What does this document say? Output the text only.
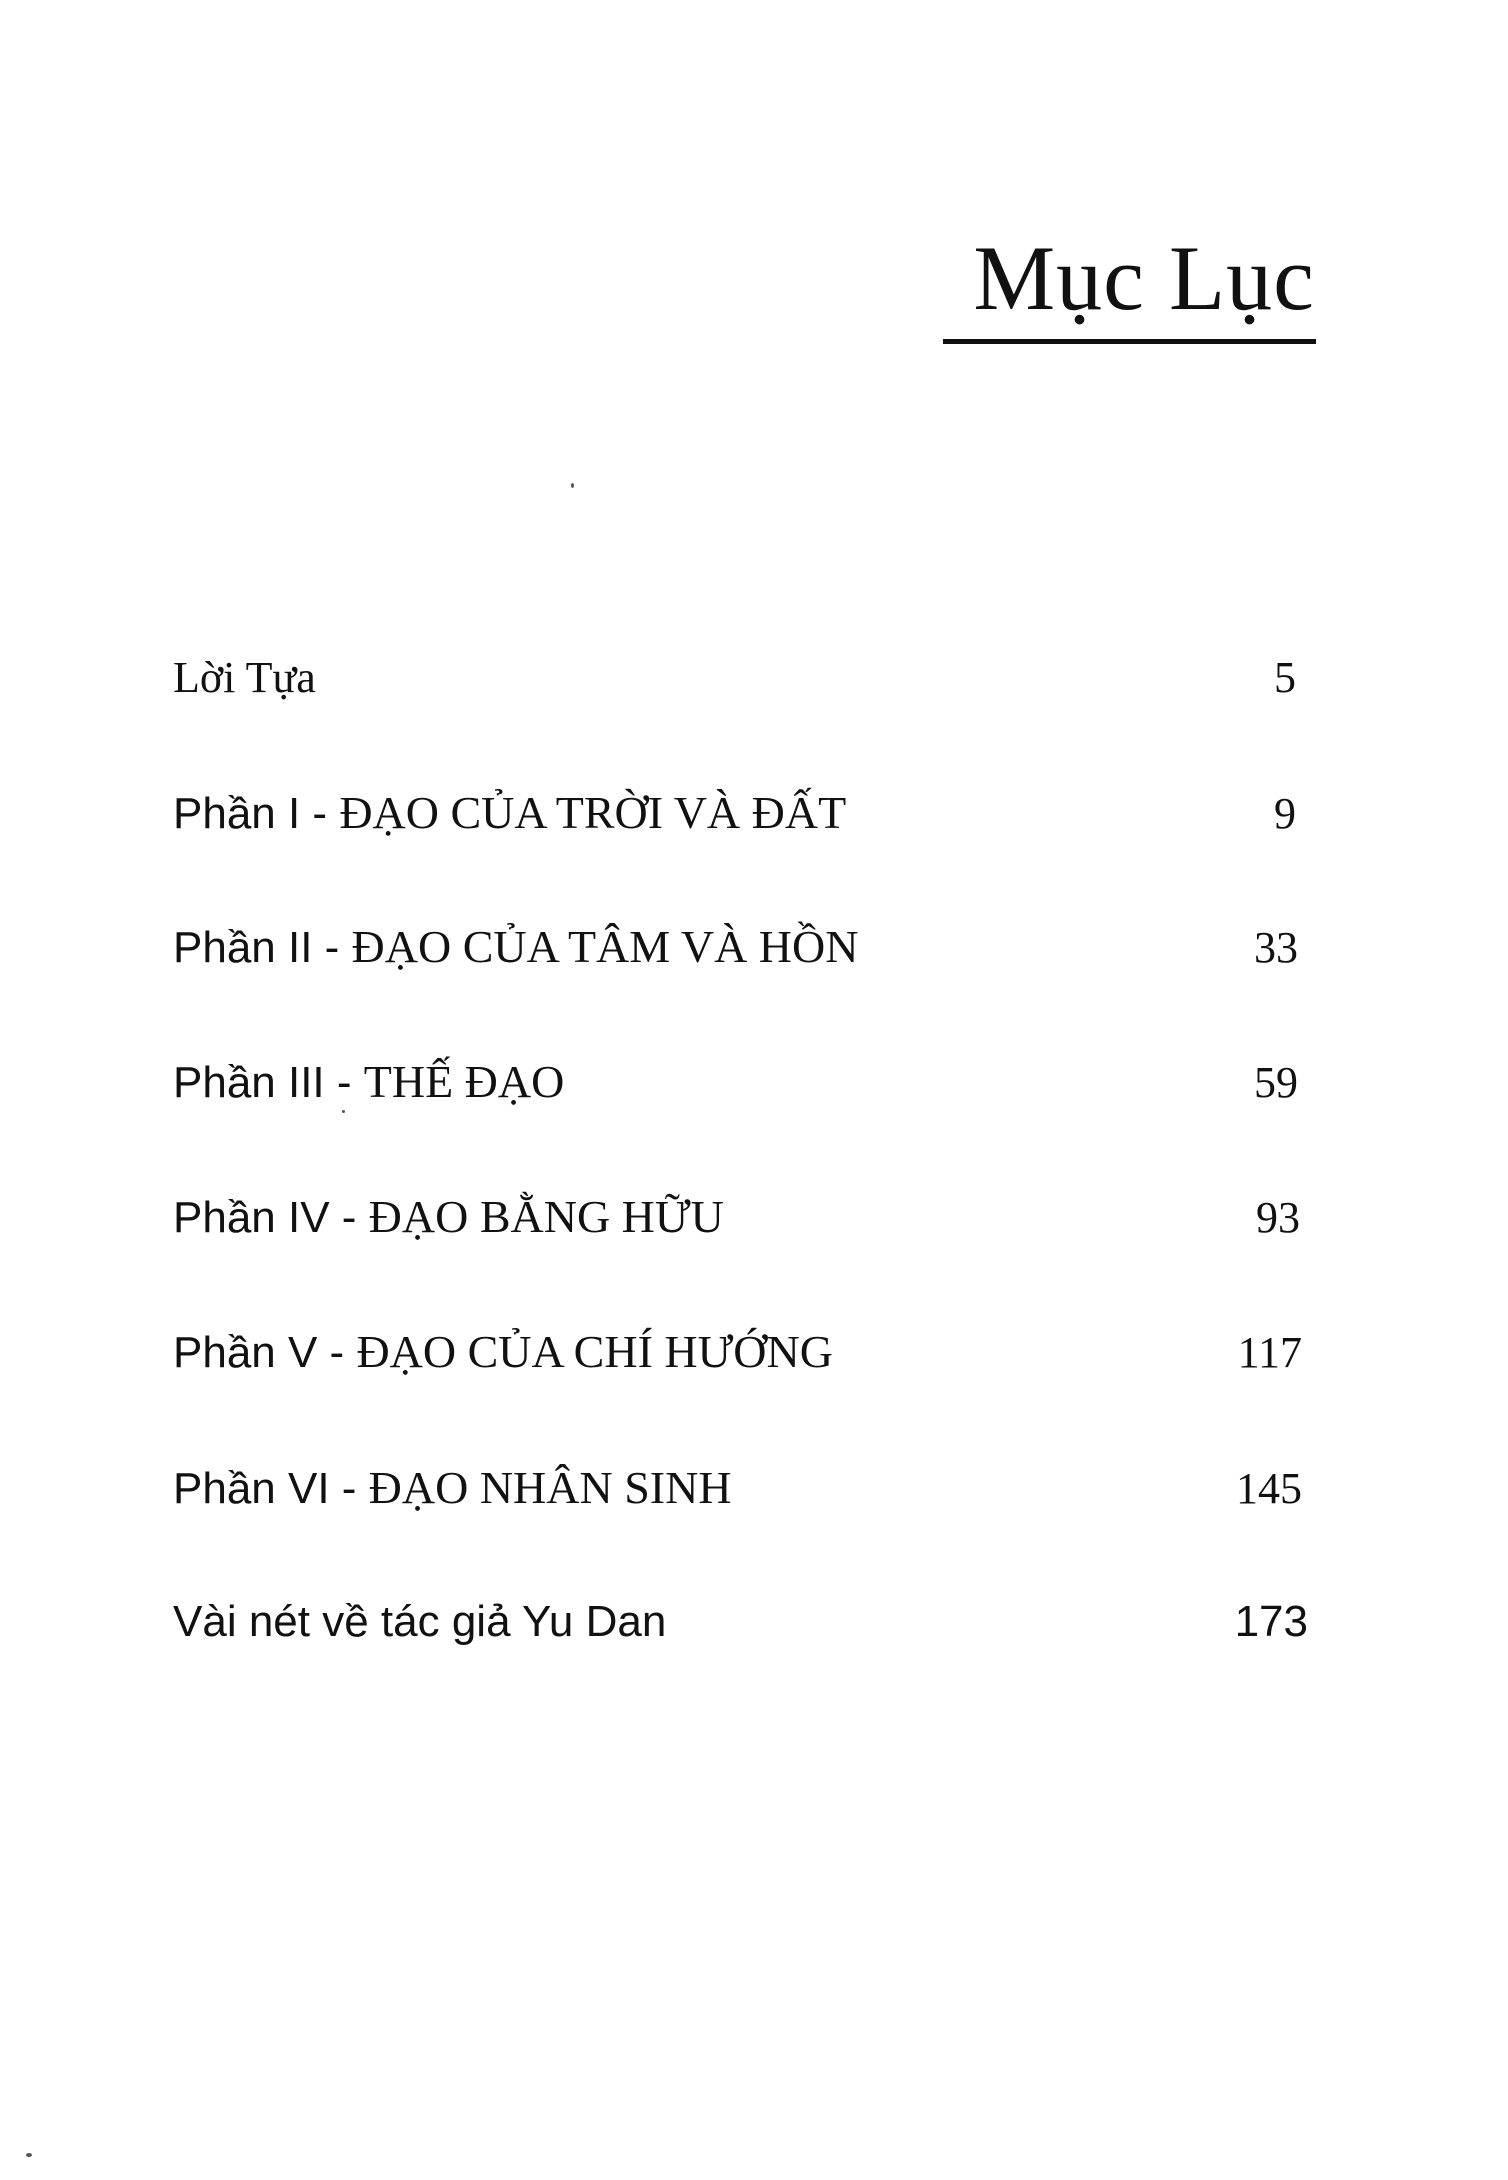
Mục Lục
Lời Tựa	5
Phần I - ĐẠO CỦA TRỜI VÀ ĐẤT	9
Phần II - ĐẠO CỦA TÂM VÀ HỒN	33
Phần III - THẾ ĐẠO	59
Phần IV - ĐẠO BẰNG HỮU	93
Phần V - ĐẠO CỦA CHÍ HƯỚNG	117
Phần VI - ĐẠO NHÂN SINH	145
Vài nét về tác giả Yu Dan	173
